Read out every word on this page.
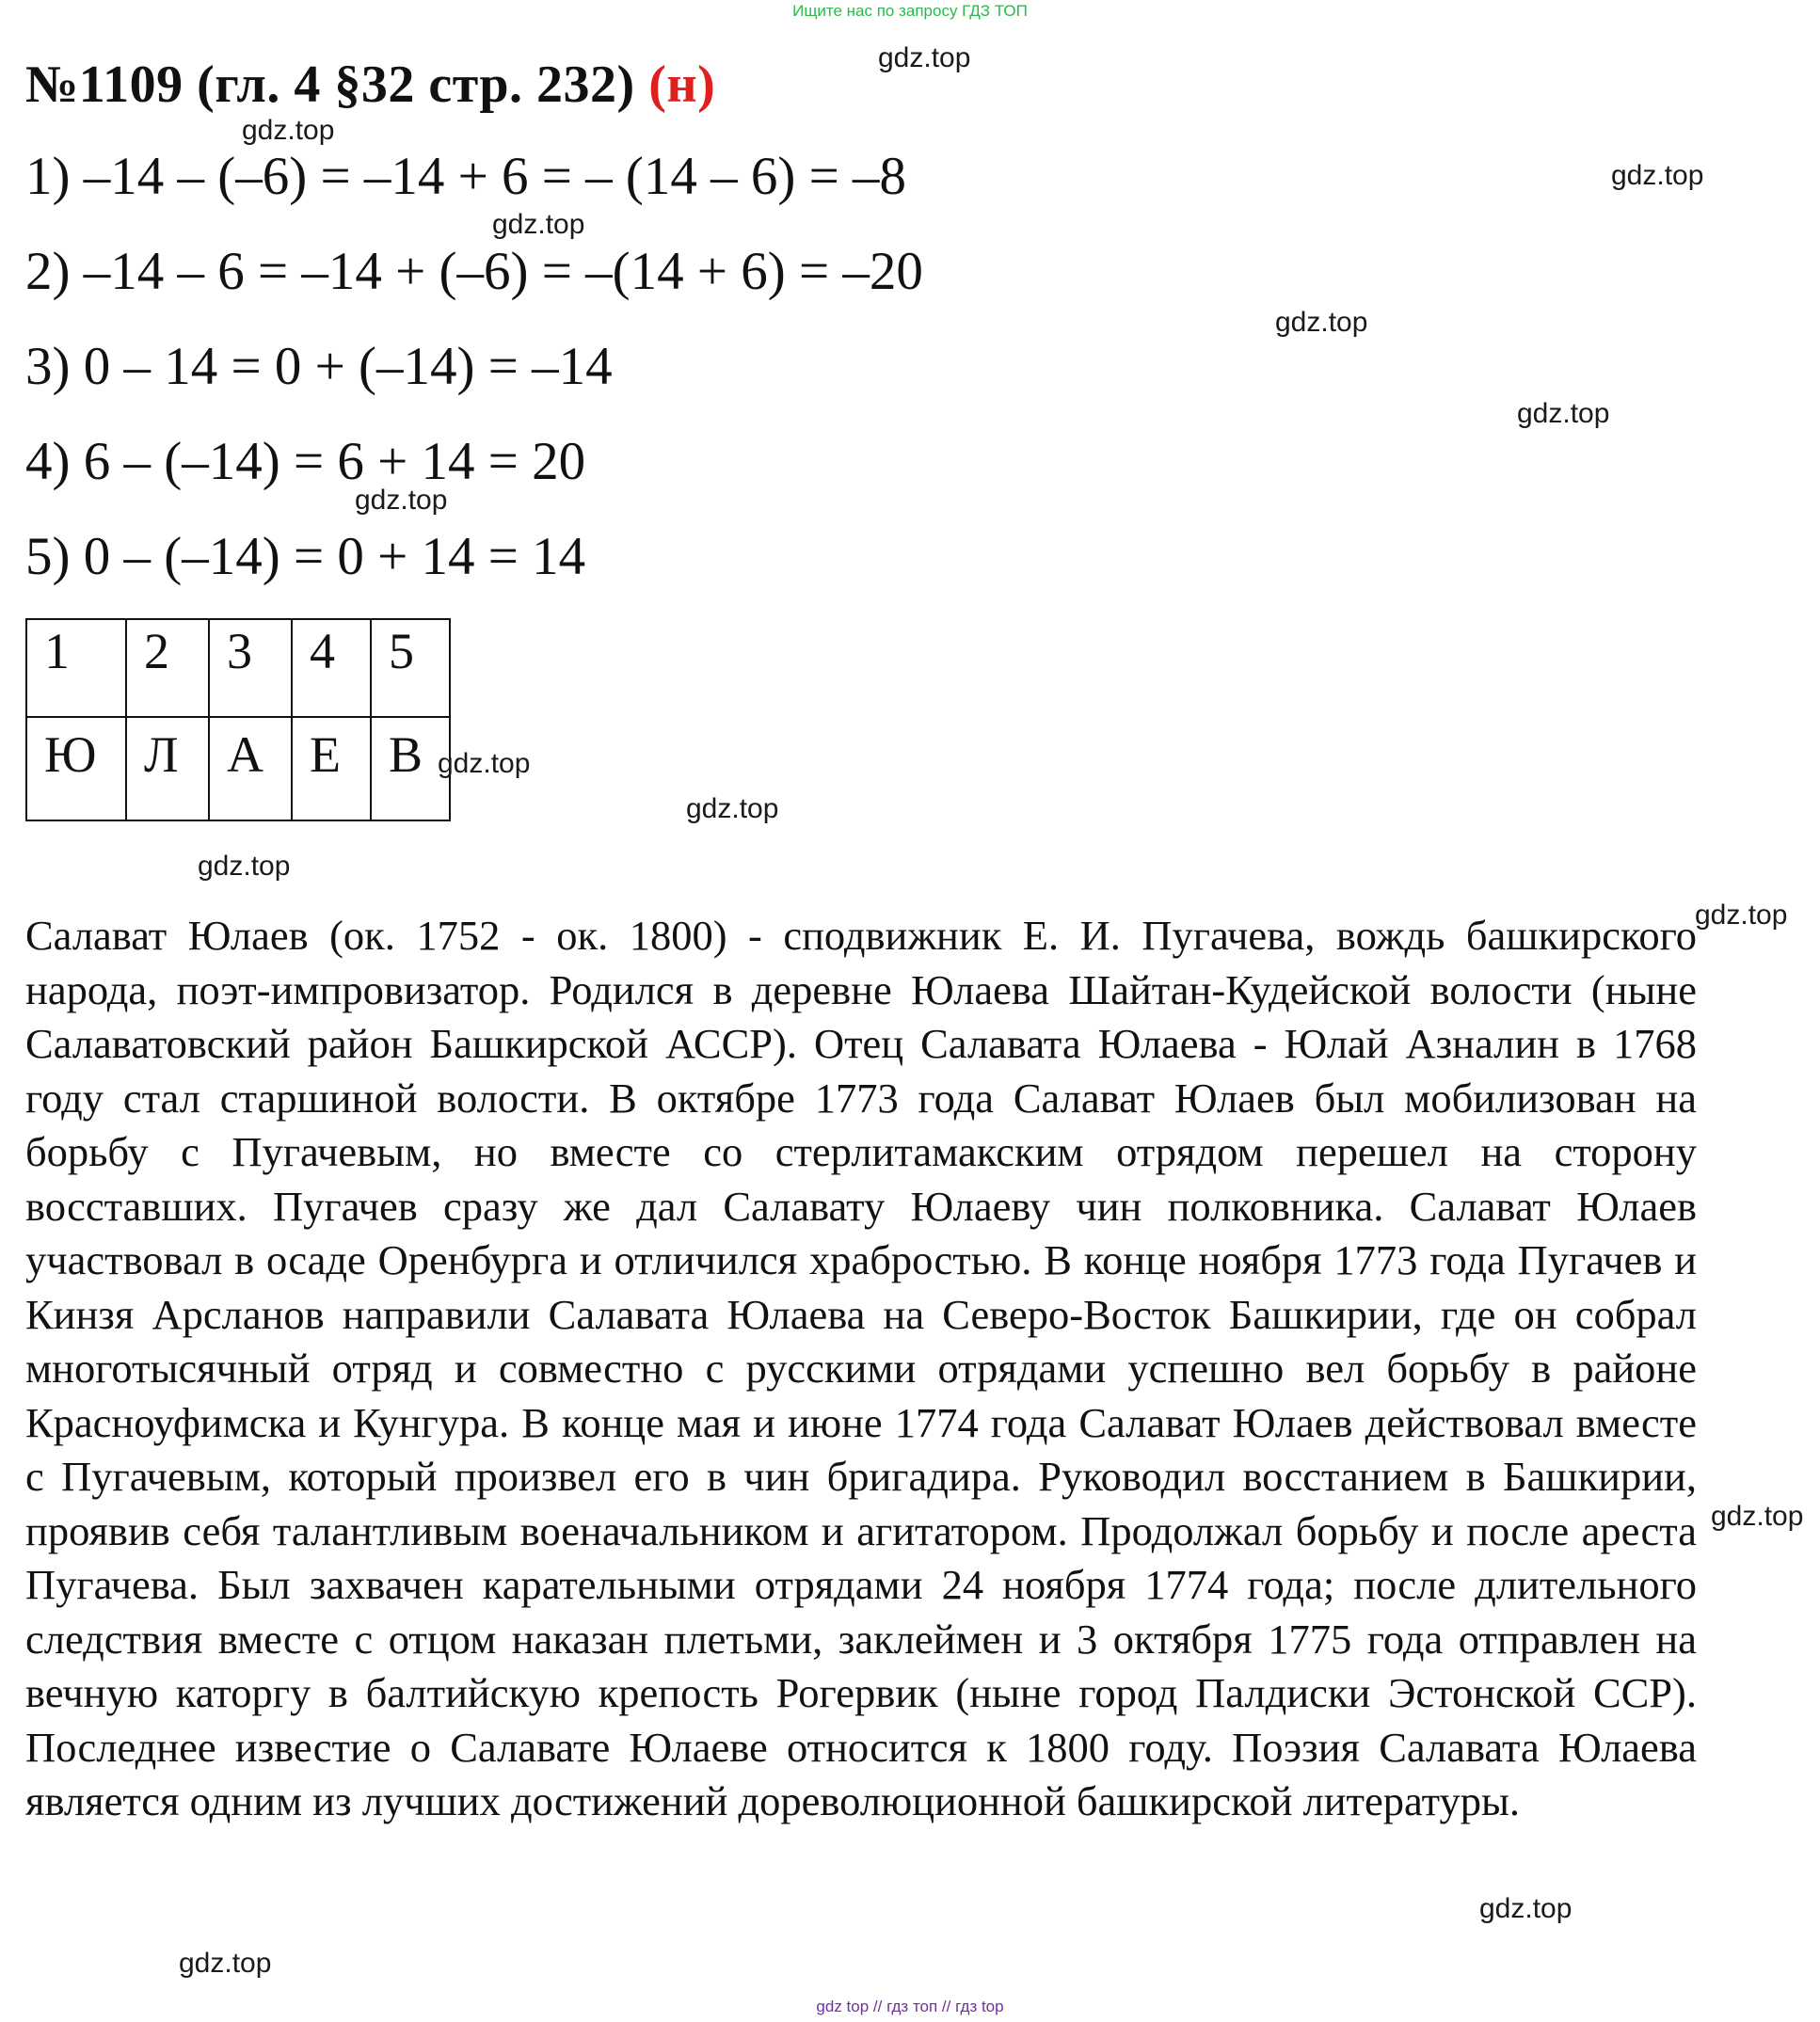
Ищите нас по запросу ГДЗ ТОП
№1109 (гл. 4 §32 стр. 232) (н)
1) –14 – (–6) = –14 + 6 = – (14 – 6) = –8
2) –14 – 6 = –14 + (–6) = –(14 + 6) = –20
3) 0 – 14 = 0 + (–14) = –14
4) 6 – (–14) = 6 + 14 = 20
5) 0 – (–14) = 0 + 14 = 14
1	2	3	4	5
Ю	Л	А	Е	В
Салават Юлаев (ок. 1752 - ок. 1800) - сподвижник Е. И. Пугачева, вождь башкирского народа, поэт-импровизатор. Родился в деревне Юлаева Шайтан-Кудейской волости (ныне Салаватовский район Башкирской АССР). Отец Салавата Юлаева - Юлай Азналин в 1768 году стал старшиной волости. В октябре 1773 года Салават Юлаев был мобилизован на борьбу с Пугачевым, но вместе со стерлитамакским отрядом перешел на сторону восставших. Пугачев сразу же дал Салавату Юлаеву чин полковника. Салават Юлаев участвовал в осаде Оренбурга и отличился храбростью. В конце ноября 1773 года Пугачев и Кинзя Арсланов направили Салавата Юлаева на Северо-Восток Башкирии, где он собрал многотысячный отряд и совместно с русскими отрядами успешно вел борьбу в районе Красноуфимска и Кунгура. В конце мая и июне 1774 года Салават Юлаев действовал вместе с Пугачевым, который произвел его в чин бригадира. Руководил восстанием в Башкирии, проявив себя талантливым военачальником и агитатором. Продолжал борьбу и после ареста Пугачева. Был захвачен карательными отрядами 24 ноября 1774 года; после длительного следствия вместе с отцом наказан плетьми, заклеймен и 3 октября 1775 года отправлен на вечную каторгу в балтийскую крепость Рогервик (ныне город Палдиски Эстонской ССР). Последнее известие о Салавате Юлаеве относится к 1800 году. Поэзия Салавата Юлаева является одним из лучших достижений дореволюционной башкирской литературы.
gdz.top
gdz.top
gdz.top
gdz.top
gdz.top
gdz.top
gdz.top
gdz.top
gdz.top
gdz.top
gdz.top
gdz.top
gdz.top
gdz.top
gdz top // гдз топ // гдз top
